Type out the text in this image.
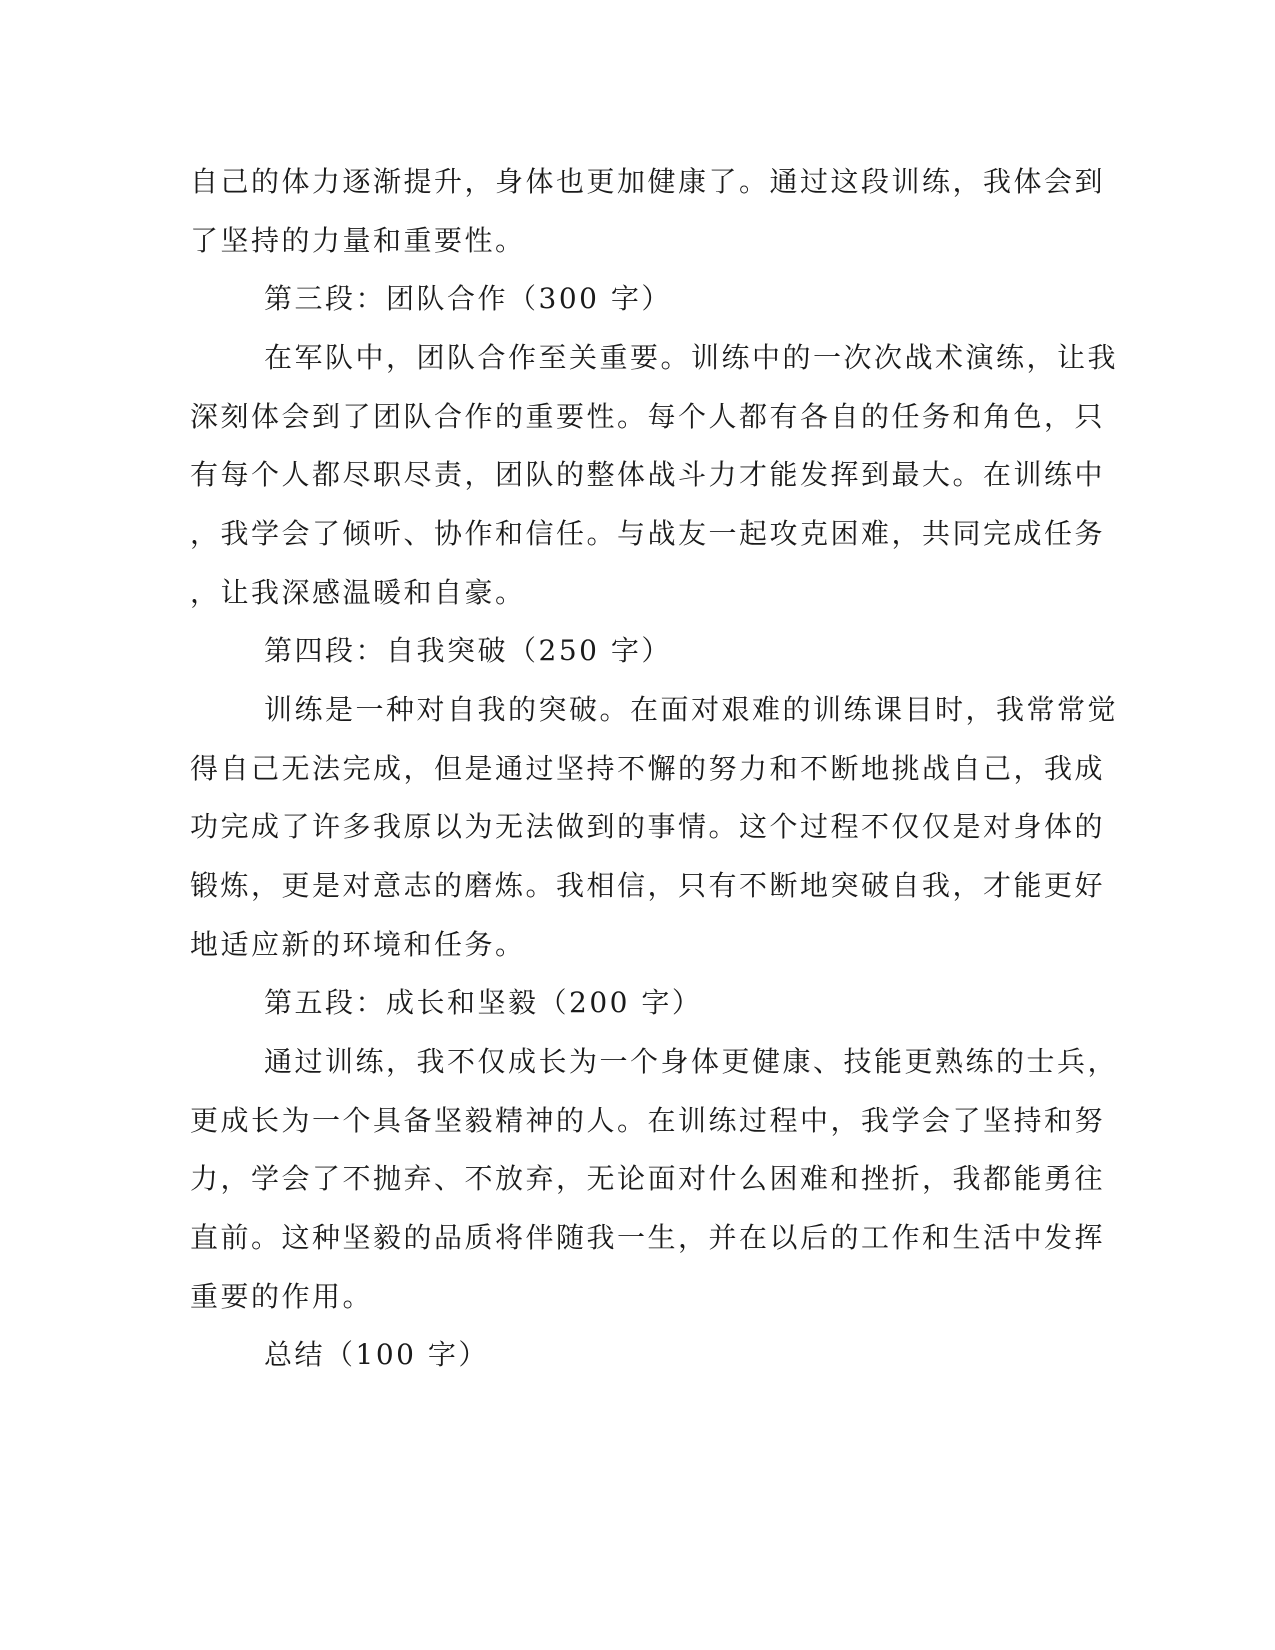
自己的体力逐渐提升，身体也更加健康了。通过这段训练，我体会到
了坚持的力量和重要性。
第三段：团队合作（300 字）
在军队中，团队合作至关重要。训练中的一次次战术演练，让我
深刻体会到了团队合作的重要性。每个人都有各自的任务和角色，只
有每个人都尽职尽责，团队的整体战斗力才能发挥到最大。在训练中
，我学会了倾听、协作和信任。与战友一起攻克困难，共同完成任务
，让我深感温暖和自豪。
第四段：自我突破（250 字）
训练是一种对自我的突破。在面对艰难的训练课目时，我常常觉
得自己无法完成，但是通过坚持不懈的努力和不断地挑战自己，我成
功完成了许多我原以为无法做到的事情。这个过程不仅仅是对身体的
锻炼，更是对意志的磨炼。我相信，只有不断地突破自我，才能更好
地适应新的环境和任务。
第五段：成长和坚毅（200 字）
通过训练，我不仅成长为一个身体更健康、技能更熟练的士兵，
更成长为一个具备坚毅精神的人。在训练过程中，我学会了坚持和努
力，学会了不抛弃、不放弃，无论面对什么困难和挫折，我都能勇往
直前。这种坚毅的品质将伴随我一生，并在以后的工作和生活中发挥
重要的作用。
总结（100 字）
